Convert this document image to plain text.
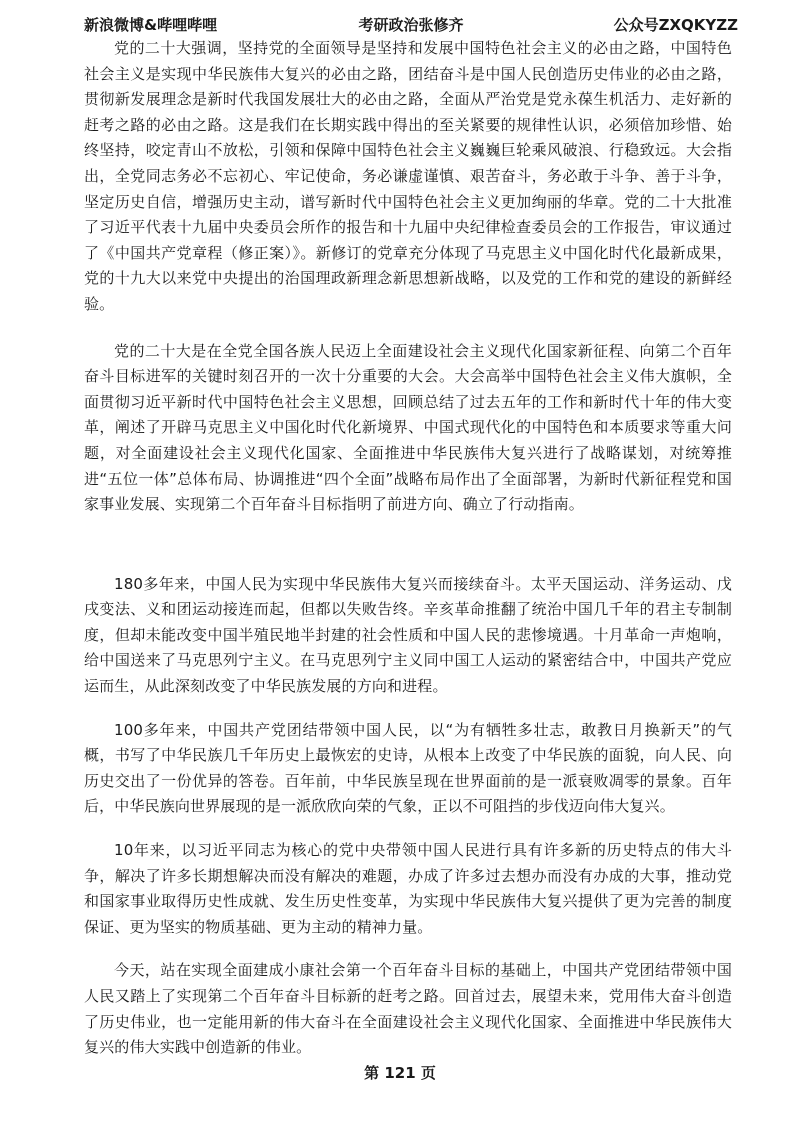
新浪微博&哔哩哔哩	考研政治张修齐	公众号ZXQKYZZ

党的二十大强调，坚持党的全面领导是坚持和发展中国特色社会主义的必由之路，中国特色社会主义是实现中华民族伟大复兴的必由之路，团结奋斗是中国人民创造历史伟业的必由之路，贯彻新发展理念是新时代我国发展壮大的必由之路，全面从严治党是党永葆生机活力、走好新的赶考之路的必由之路。这是我们在长期实践中得出的至关紧要的规律性认识，必须倍加珍惜、始终坚持，咬定青山不放松，引领和保障中国特色社会主义巍巍巨轮乘风破浪、行稳致远。大会指出，全党同志务必不忘初心、牢记使命，务必谦虚谨慎、艰苦奋斗，务必敢于斗争、善于斗争，坚定历史自信，增强历史主动，谱写新时代中国特色社会主义更加绚丽的华章。党的二十大批准了习近平代表十九届中央委员会所作的报告和十九届中央纪律检查委员会的工作报告，审议通过了《中国共产党章程（修正案）》。新修订的党章充分体现了马克思主义中国化时代化最新成果，党的十九大以来党中央提出的治国理政新理念新思想新战略，以及党的工作和党的建设的新鲜经验。

党的二十大是在全党全国各族人民迈上全面建设社会主义现代化国家新征程、向第二个百年奋斗目标进军的关键时刻召开的一次十分重要的大会。大会高举中国特色社会主义伟大旗帜，全面贯彻习近平新时代中国特色社会主义思想，回顾总结了过去五年的工作和新时代十年的伟大变革，阐述了开辟马克思主义中国化时代化新境界、中国式现代化的中国特色和本质要求等重大问题，对全面建设社会主义现代化国家、全面推进中华民族伟大复兴进行了战略谋划，对统筹推进“五位一体”总体布局、协调推进“四个全面”战略布局作出了全面部署，为新时代新征程党和国家事业发展、实现第二个百年奋斗目标指明了前进方向、确立了行动指南。

180多年来，中国人民为实现中华民族伟大复兴而接续奋斗。太平天国运动、洋务运动、戊戌变法、义和团运动接连而起，但都以失败告终。辛亥革命推翻了统治中国几千年的君主专制制度，但却未能改变中国半殖民地半封建的社会性质和中国人民的悲惨境遇。十月革命一声炮响，给中国送来了马克思列宁主义。在马克思列宁主义同中国工人运动的紧密结合中，中国共产党应运而生，从此深刻改变了中华民族发展的方向和进程。

100多年来，中国共产党团结带领中国人民，以“为有牺牲多壮志，敢教日月换新天”的气概，书写了中华民族几千年历史上最恢宏的史诗，从根本上改变了中华民族的面貌，向人民、向历史交出了一份优异的答卷。百年前，中华民族呈现在世界面前的是一派衰败凋零的景象。百年后，中华民族向世界展现的是一派欣欣向荣的气象，正以不可阻挡的步伐迈向伟大复兴。

10年来，以习近平同志为核心的党中央带领中国人民进行具有许多新的历史特点的伟大斗争，解决了许多长期想解决而没有解决的难题，办成了许多过去想办而没有办成的大事，推动党和国家事业取得历史性成就、发生历史性变革，为实现中华民族伟大复兴提供了更为完善的制度保证、更为坚实的物质基础、更为主动的精神力量。

今天，站在实现全面建成小康社会第一个百年奋斗目标的基础上，中国共产党团结带领中国人民又踏上了实现第二个百年奋斗目标新的赶考之路。回首过去，展望未来，党用伟大奋斗创造了历史伟业，也一定能用新的伟大奋斗在全面建设社会主义现代化国家、全面推进中华民族伟大复兴的伟大实践中创造新的伟业。

第 121 页
